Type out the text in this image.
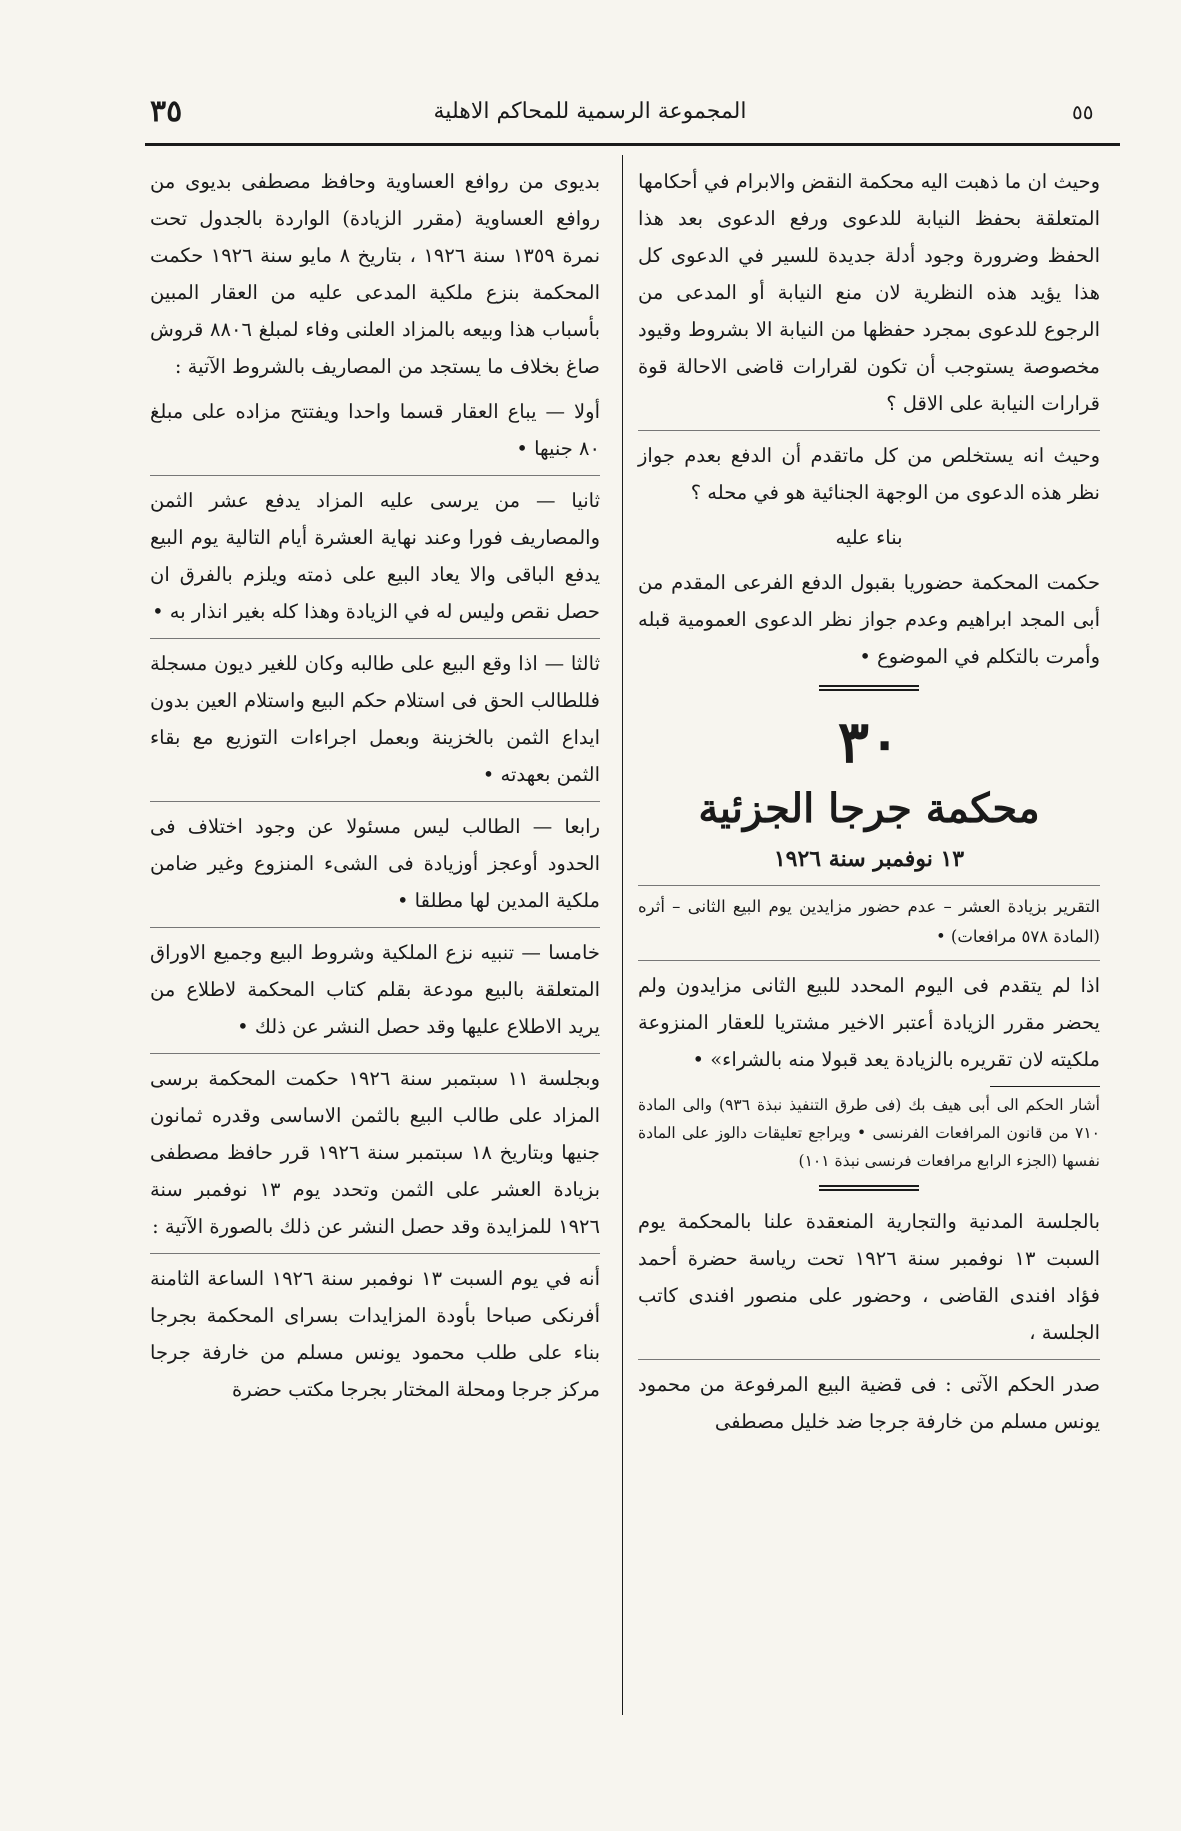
٣٥	المجموعة الرسمية للمحاكم الاهلية	٥٥

وحيث ان ما ذهبت اليه محكمة النقض والابرام في أحكامها المتعلقة بحفظ النيابة للدعوى ورفع الدعوى بعد هذا الحفظ وضرورة وجود أدلة جديدة للسير في الدعوى كل هذا يؤيد هذه النظرية لان منع النيابة أو المدعى من الرجوع للدعوى بمجرد حفظها من النيابة الا بشروط وقيود مخصوصة يستوجب أن تكون لقرارات قاضى الاحالة قوة قرارات النيابة على الاقل ؟

وحيث انه يستخلص من كل ماتقدم أن الدفع بعدم جواز نظر هذه الدعوى من الوجهة الجنائية هو في محله ؟

بناء عليه

حكمت المحكمة حضوريا بقبول الدفع الفرعى المقدم من أبى المجد ابراهيم وعدم جواز نظر الدعوى العمومية قبله وأمرت بالتكلم في الموضوع •

٣٠
محكمة جرجا الجزئية
١٣ نوفمبر سنة ١٩٢٦

التقرير بزيادة العشر – عدم حضور مزايدين يوم البيع الثانى – أثره (المادة ٥٧٨ مرافعات) •

اذا لم يتقدم فى اليوم المحدد للبيع الثانى مزايدون ولم يحضر مقرر الزيادة أعتبر الاخير مشتريا للعقار المنزوعة ملكيته لان تقريره بالزيادة يعد قبولا منه بالشراء» •

أشار الحكم الى أبى هيف بك (فى طرق التنفيذ نبذة ٩٣٦) والى المادة ٧١٠ من قانون المرافعات الفرنسى • ويراجع تعليقات دالوز على المادة نفسها (الجزء الرابع مرافعات فرنسى نبذة ١٠١)

بالجلسة المدنية والتجارية المنعقدة علنا بالمحكمة يوم السبت ١٣ نوفمبر سنة ١٩٢٦ تحت رياسة حضرة أحمد فؤاد افندى القاضى ، وحضور على منصور افندى كاتب الجلسة ،

صدر الحكم الآتى : فى قضية البيع المرفوعة من محمود يونس مسلم من خارفة جرجا ضد خليل مصطفى

بديوى من روافع العساوية وحافظ مصطفى بديوى من روافع العساوية (مقرر الزيادة) الواردة بالجدول تحت نمرة ١٣٥٩ سنة ١٩٢٦ ، بتاريخ ٨ مايو سنة ١٩٢٦ حكمت المحكمة بنزع ملكية المدعى عليه من العقار المبين بأسباب هذا وبيعه بالمزاد العلنى وفاء لمبلغ ٨٨٠٦ قروش صاغ بخلاف ما يستجد من المصاريف بالشروط الآتية :

أولا — يباع العقار قسما واحدا ويفتتح مزاده على مبلغ ٨٠ جنيها •

ثانيا — من يرسى عليه المزاد يدفع عشر الثمن والمصاريف فورا وعند نهاية العشرة أيام التالية يوم البيع يدفع الباقى والا يعاد البيع على ذمته ويلزم بالفرق ان حصل نقص وليس له في الزيادة وهذا كله بغير انذار به •

ثالثا — اذا وقع البيع على طالبه وكان للغير ديون مسجلة فللطالب الحق فى استلام حكم البيع واستلام العين بدون ايداع الثمن بالخزينة وبعمل اجراءات التوزيع مع بقاء الثمن بعهدته •

رابعا — الطالب ليس مسئولا عن وجود اختلاف فى الحدود أوعجز أوزيادة فى الشىء المنزوع وغير ضامن ملكية المدين لها مطلقا •

خامسا — تنبيه نزع الملكية وشروط البيع وجميع الاوراق المتعلقة بالبيع مودعة بقلم كتاب المحكمة لاطلاع من يريد الاطلاع عليها وقد حصل النشر عن ذلك •

وبجلسة ١١ سبتمبر سنة ١٩٢٦ حكمت المحكمة برسى المزاد على طالب البيع بالثمن الاساسى وقدره ثمانون جنيها وبتاريخ ١٨ سبتمبر سنة ١٩٢٦ قرر حافظ مصطفى بزيادة العشر على الثمن وتحدد يوم ١٣ نوفمبر سنة ١٩٢٦ للمزايدة وقد حصل النشر عن ذلك بالصورة الآتية :

أنه في يوم السبت ١٣ نوفمبر سنة ١٩٢٦ الساعة الثامنة أفرنكى صباحا بأودة المزايدات بسراى المحكمة بجرجا بناء على طلب محمود يونس مسلم من خارفة جرجا مركز جرجا ومحلة المختار بجرجا مكتب حضرة
